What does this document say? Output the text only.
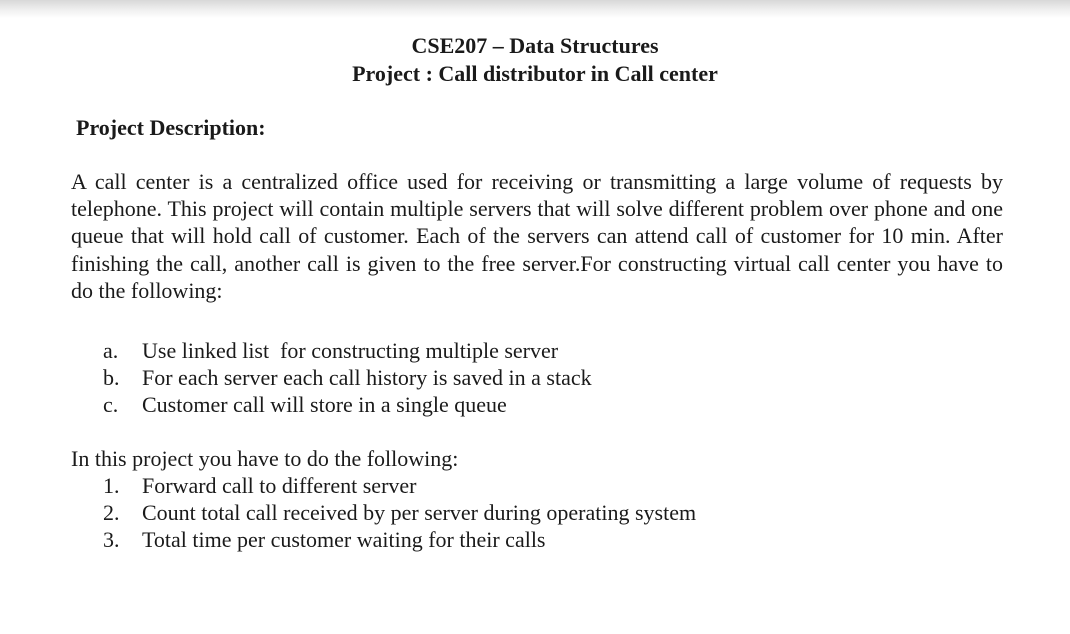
CSE207 – Data Structures
Project : Call distributor in Call center
Project Description:

A call center is a centralized office used for receiving or transmitting a large volume of requests by telephone. This project will contain multiple servers that will solve different problem over phone and one queue that will hold call of customer. Each of the servers can attend call of customer for 10 min. After finishing the call, another call is given to the free server.For constructing virtual call center you have to do the following:

a. Use linked list  for constructing multiple server
b. For each server each call history is saved in a stack
c. Customer call will store in a single queue
In this project you have to do the following:
1. Forward call to different server
2. Count total call received by per server during operating system
3. Total time per customer waiting for their calls
